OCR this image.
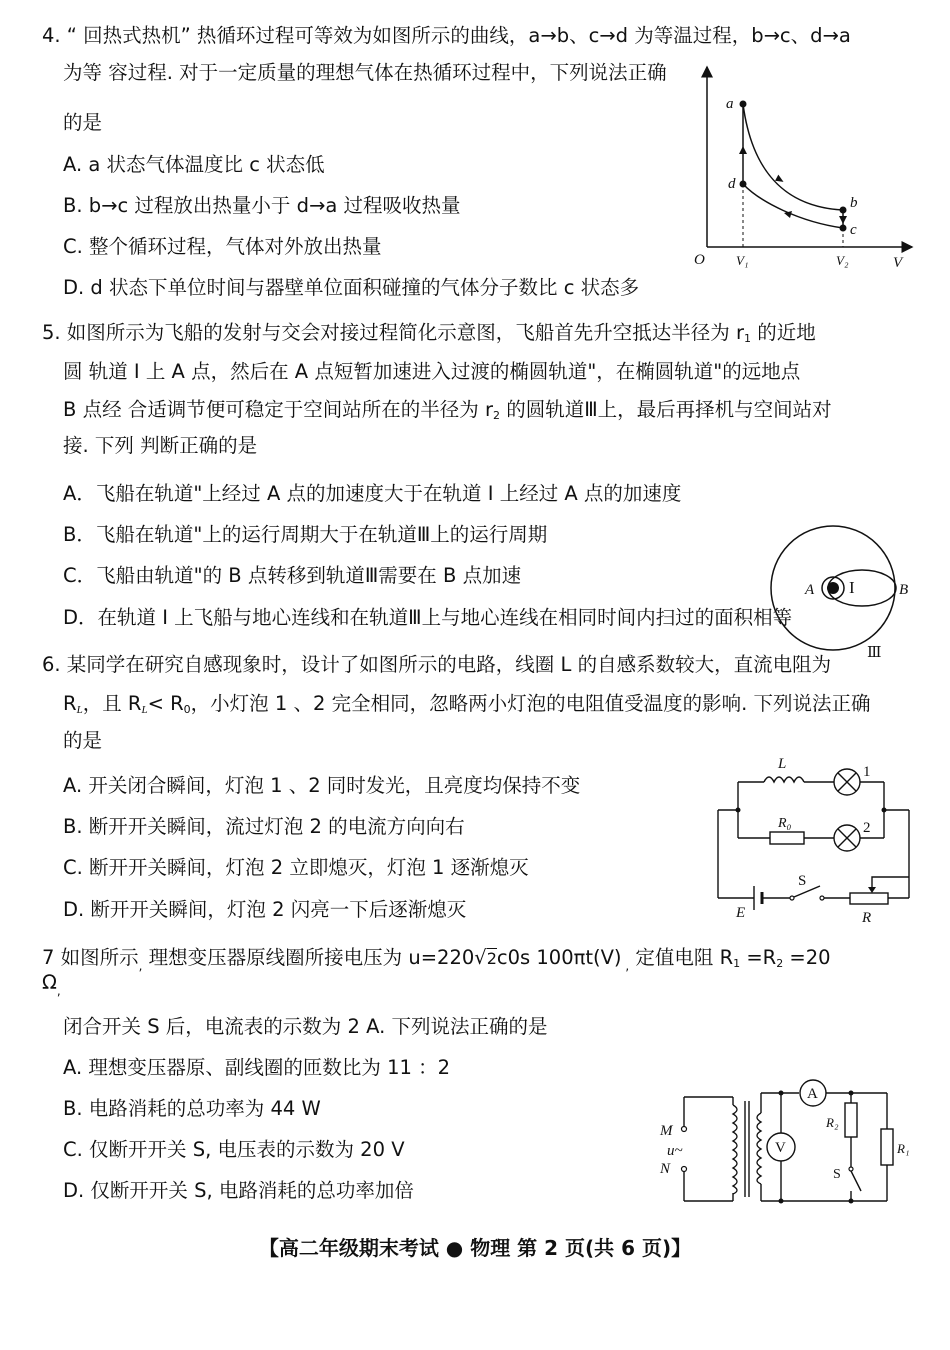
4. “ 回热式热机” 热循环过程可等效为如图所示的曲线，a→b、c→d 为等温过程，b→c、d→a
为等 容过程. 对于一定质量的理想气体在热循环过程中，下列说法正确
的是
A. a 状态气体温度比 c 状态低
B. b→c 过程放出热量小于 d→a 过程吸收热量
C. 整个循环过程，气体对外放出热量
D. d 状态下单位时间与器壁单位面积碰撞的气体分子数比 c 状态多
a
d
b
c
O V₁	V₂	V
5. 如图所示为飞船的发射与交会对接过程简化示意图，飞船首先升空抵达半径为 $r_1$ 的近地
圆 轨道 I 上 A 点，然后在 A 点短暂加速进入过渡的椭圆轨道"，在椭圆轨道"的远地点
B 点经 合适调节便可稳定于空间站所在的半径为 $r_2$ 的圆轨道Ⅲ上，最后再择机与空间站对
接. 下列 判断正确的是
A．飞船在轨道"上经过 A 点的加速度大于在轨道 I 上经过 A 点的加速度
B．飞船在轨道"上的运行周期大于在轨道Ⅲ上的运行周期
C．飞船由轨道"的 B 点转移到轨道Ⅲ需要在 B 点加速
D．在轨道 I 上飞船与地心连线和在轨道Ⅲ上与地心连线在相同时间内扫过的面积相等
A	B
I
Ⅲ
6. 某同学在研究自感现象时，设计了如图所示的电路，线圈 L 的自感系数较大，直流电阻为
$R_L$，且 $R_L< R_0$，小灯泡 1 、2 完全相同，忽略两小灯泡的电阻值受温度的影响. 下列说法正确
的是
A. 开关闭合瞬间，灯泡 1 、2 同时发光，且亮度均保持不变
B. 断开开关瞬间，流过灯泡 2 的电流方向向右
C. 断开开关瞬间，灯泡 2 立即熄灭，灯泡 1 逐渐熄灭
D. 断开开关瞬间，灯泡 2 闪亮一下后逐渐熄灭
L	1
R₀	2
S
E	R
7 如图所示$_,$ 理想变压器原线圈所接电压为 u=220√2c0s 100πt(V) $_,$ 定值电阻 $R_1 =R_2 =20$
$\Omega_,$
闭合开关 S 后，电流表的示数为 2 A. 下列说法正确的是
A. 理想变压器原、副线圈的匝数比为 11 ：2
B. 电路消耗的总功率为 44 W
C. 仅断开开关 S, 电压表的示数为 20 V
D. 仅断开开关 S, 电路消耗的总功率加倍
M
u~
N
A
V
R₂
S
R₁
【高二年级期末考试 ● 物理 第 2 页(共 6 页)】
